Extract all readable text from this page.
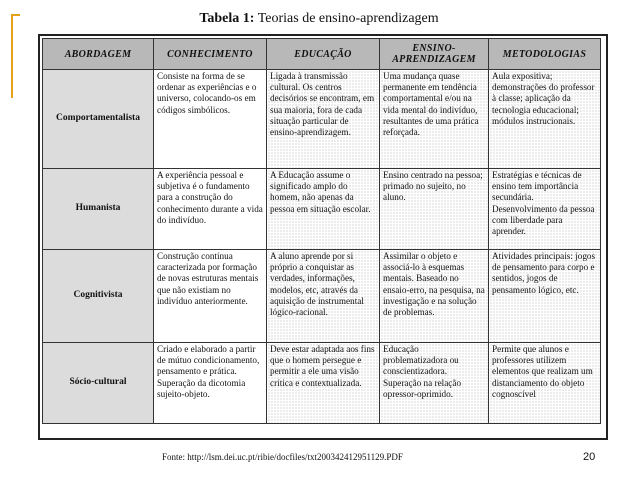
Tabela 1: Teorias de ensino-aprendizagem
ABORDAGEM	CONHECIMENTO	EDUCAÇÃO	ENSINO-APRENDIZAGEM	METODOLOGIAS
Comportamentalista	Consiste na forma de se ordenar as experiências e o universo, colocando-os em códigos simbólicos.	Ligada à transmissão cultural. Os centros decisórios se encontram, em sua maioria, fora de cada situação particular de ensino-aprendizagem.	Uma mudança quase permanente em tendência comportamental e/ou na vida mental do indivíduo, resultantes de uma prática reforçada.	Aula expositiva; demonstrações do professor à classe; aplicação da tecnologia educacional; módulos instrucionais.
Humanista	A experiência pessoal e subjetiva é o fundamento para a construção do conhecimento durante a vida do indivíduo.	A Educação assume o significado amplo do homem, não apenas da pessoa em situação escolar.	Ensino centrado na pessoa; primado no sujeito, no aluno.	Estratégias e técnicas de ensino tem importância secundária. Desenvolvimento da pessoa com liberdade para aprender.
Cognitivista	Construção contínua caracterizada por formação de novas estruturas mentais que não existiam no indivíduo anteriormente.	A aluno aprende por si próprio a conquistar as verdades, informações, modelos, etc, através da aquisição de instrumental lógico-racional.	Assimilar o objeto e associá-lo à esquemas mentais. Baseado no ensaio-erro, na pesquisa, na investigação e na solução de problemas.	Atividades principais: jogos de pensamento para corpo e sentidos, jogos de pensamento lógico, etc.
Sócio-cultural	Criado e elaborado a partir de mútuo condicionamento, pensamento e prática. Superação da dicotomia sujeito-objeto.	Deve estar adaptada aos fins que o homem persegue e permitir a ele uma visão crítica e contextualizada.	Educação problematizadora ou conscientizadora. Superação na relação opressor-oprimido.	Permite que alunos e professores utilizem elementos que realizam um distanciamento do objeto cognoscível
Fonte: http://lsm.dei.uc.pt/ribie/docfiles/txt200342412951129.PDF	20
